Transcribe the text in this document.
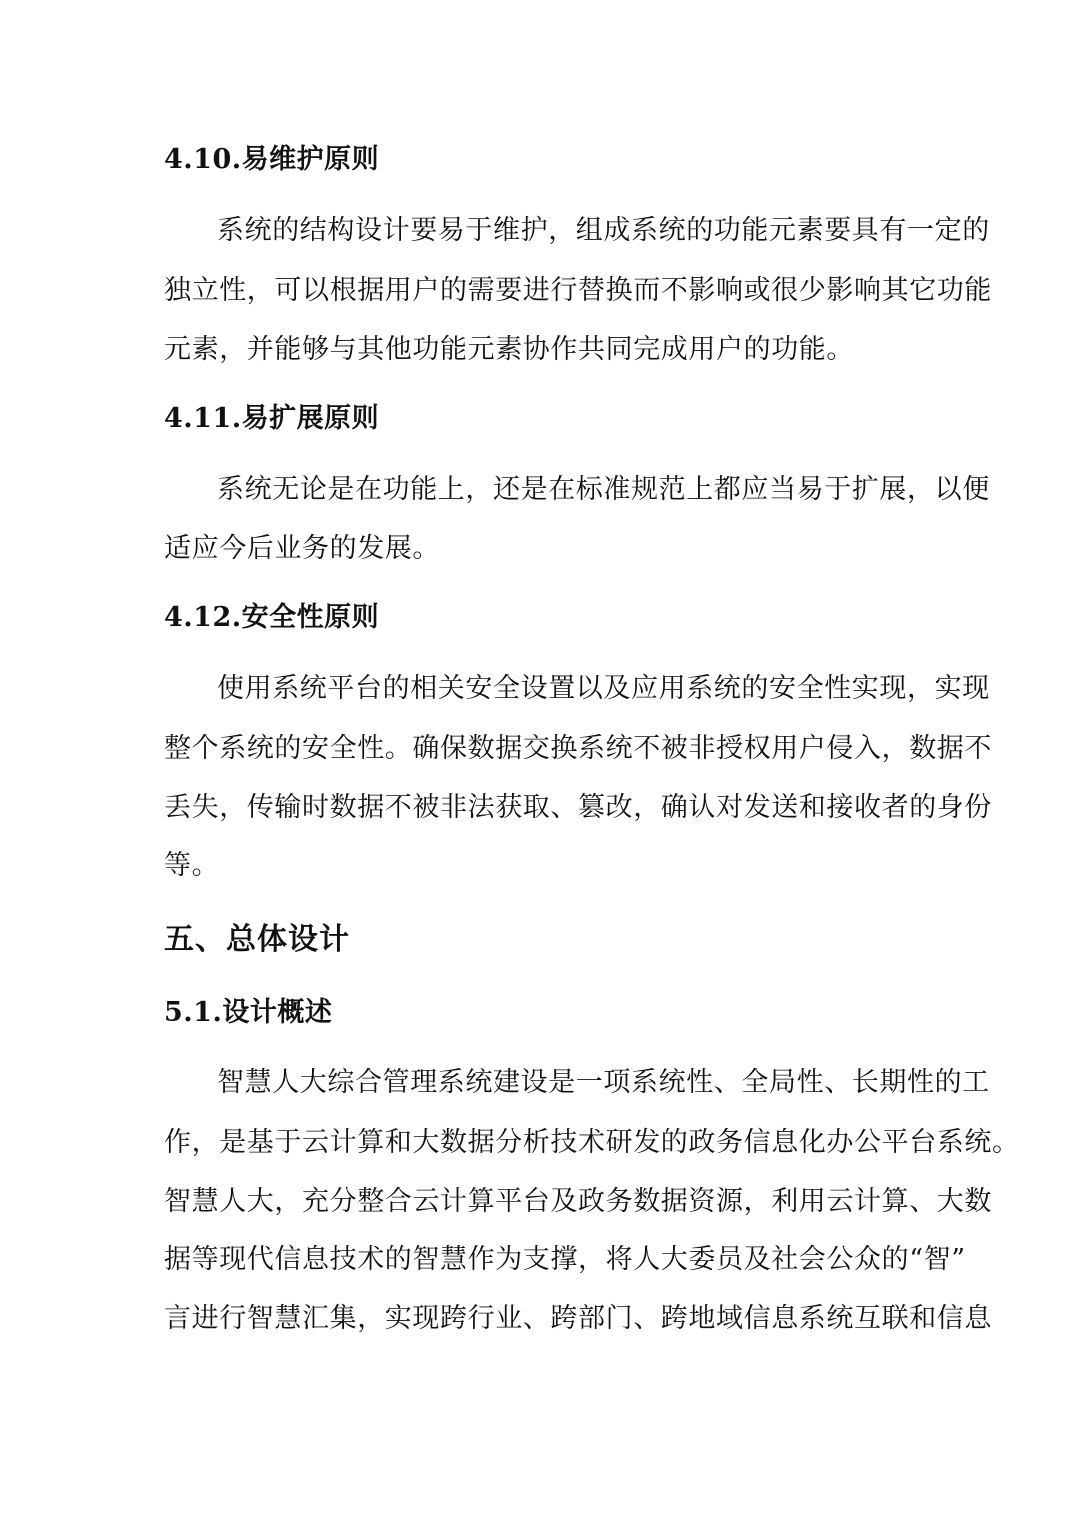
4.10.易维护原则
系统的结构设计要易于维护，组成系统的功能元素要具有一定的
独立性，可以根据用户的需要进行替换而不影响或很少影响其它功能
元素，并能够与其他功能元素协作共同完成用户的功能。
4.11.易扩展原则
系统无论是在功能上，还是在标准规范上都应当易于扩展，以便
适应今后业务的发展。
4.12.安全性原则
使用系统平台的相关安全设置以及应用系统的安全性实现，实现
整个系统的安全性。确保数据交换系统不被非授权用户侵入，数据不
丢失，传输时数据不被非法获取、篡改，确认对发送和接收者的身份
等。
五、总体设计
5.1.设计概述
智慧人大综合管理系统建设是一项系统性、全局性、长期性的工
作，是基于云计算和大数据分析技术研发的政务信息化办公平台系统。
智慧人大，充分整合云计算平台及政务数据资源，利用云计算、大数
据等现代信息技术的智慧作为支撑，将人大委员及社会公众的“智”
言进行智慧汇集，实现跨行业、跨部门、跨地域信息系统互联和信息
